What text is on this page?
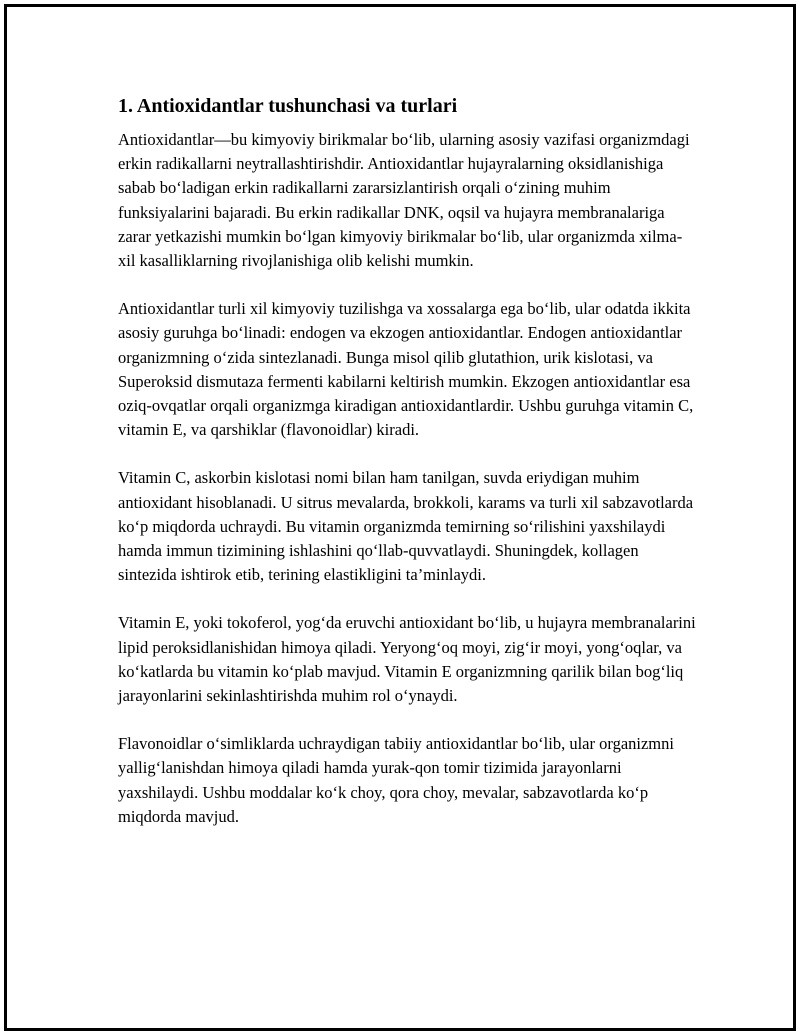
1. Antioxidantlar tushunchasi va turlari

Antioxidantlar—bu kimyoviy birikmalar bo‘lib, ularning asosiy vazifasi organizmdagi erkin radikallarni neytrallashtirishdir. Antioxidantlar hujayralarning oksidlanishiga sabab bo‘ladigan erkin radikallarni zararsizlantirish orqali o‘zining muhim funksiyalarini bajaradi. Bu erkin radikallar DNK, oqsil va hujayra membranalariga zarar yetkazishi mumkin bo‘lgan kimyoviy birikmalar bo‘lib, ular organizmda xilma-xil kasalliklarning rivojlanishiga olib kelishi mumkin.

Antioxidantlar turli xil kimyoviy tuzilishga va xossalarga ega bo‘lib, ular odatda ikkita asosiy guruhga bo‘linadi: endogen va ekzogen antioxidantlar. Endogen antioxidantlar organizmning o‘zida sintezlanadi. Bunga misol qilib glutathion, urik kislotasi, va Superoksid dismutaza fermenti kabilarni keltirish mumkin. Ekzogen antioxidantlar esa oziq-ovqatlar orqali organizmga kiradigan antioxidantlardir. Ushbu guruhga vitamin C, vitamin E, va qarshiklar (flavonoidlar) kiradi.

Vitamin C, askorbin kislotasi nomi bilan ham tanilgan, suvda eriydigan muhim antioxidant hisoblanadi. U sitrus mevalarda, brokkoli, karams va turli xil sabzavotlarda ko‘p miqdorda uchraydi. Bu vitamin organizmda temirning so‘rilishini yaxshilaydi hamda immun tizimining ishlashini qo‘llab-quvvatlaydi. Shuningdek, kollagen sintezida ishtirok etib, terining elastikligini ta’minlaydi.

Vitamin E, yoki tokoferol, yog‘da eruvchi antioxidant bo‘lib, u hujayra membranalarini lipid peroksidlanishidan himoya qiladi. Yeryong‘oq moyi, zig‘ir moyi, yong‘oqlar, va ko‘katlarda bu vitamin ko‘plab mavjud. Vitamin E organizmning qarilik bilan bog‘liq jarayonlarini sekinlashtirishda muhim rol o‘ynaydi.

Flavonoidlar o‘simliklarda uchraydigan tabiiy antioxidantlar bo‘lib, ular organizmni yallig‘lanishdan himoya qiladi hamda yurak-qon tomir tizimida jarayonlarni yaxshilaydi. Ushbu moddalar ko‘k choy, qora choy, mevalar, sabzavotlarda ko‘p miqdorda mavjud.
